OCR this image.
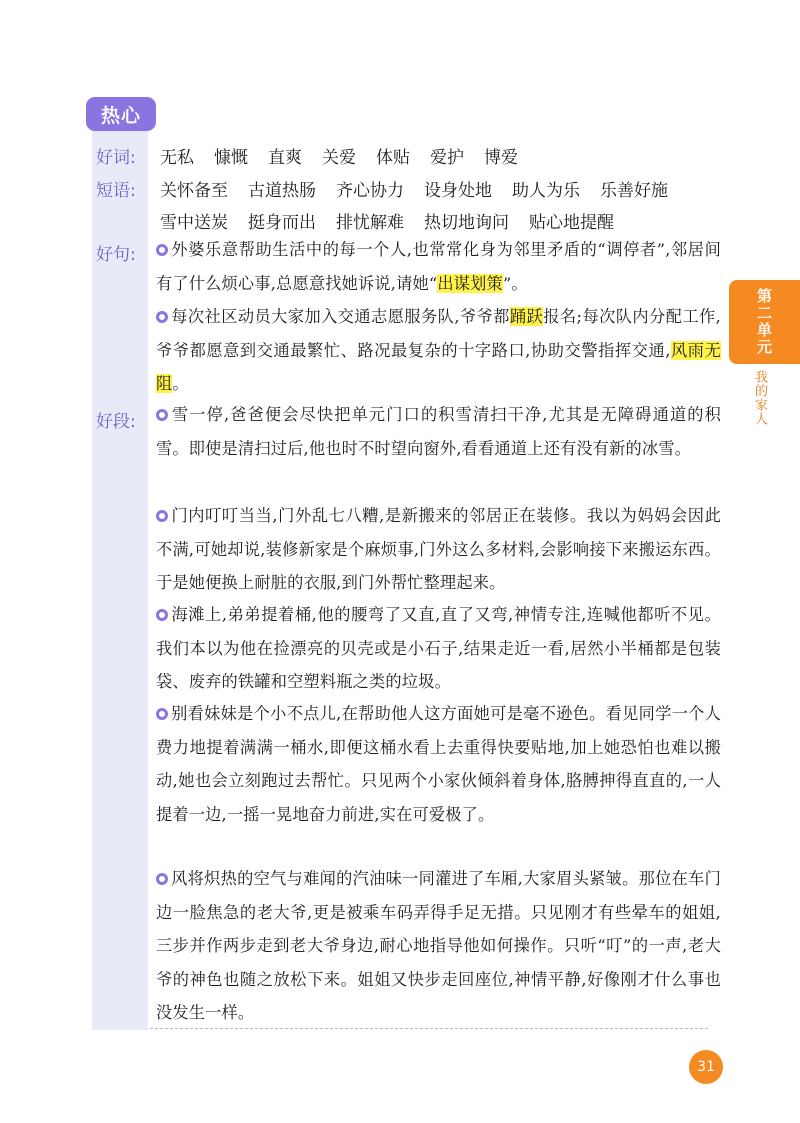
热心
好词:	无私 慷慨 直爽 关爱 体贴 爱护 博爱
短语:	关怀备至 古道热肠 齐心协力 设身处地 助人为乐 乐善好施
雪中送炭 挺身而出 排忧解难 热切地询问 贴心地提醒
好句:	外婆乐意帮助生活中的每一个人,也常常化身为邻里矛盾的“调停者”,邻居间有了什么烦心事,总愿意找她诉说,请她“出谋划策”。
每次社区动员大家加入交通志愿服务队,爷爷都踊跃报名;每次队内分配工作,爷爷都愿意到交通最繁忙、路况最复杂的十字路口,协助交警指挥交通,风雨无阻。
好段:	雪一停,爸爸便会尽快把单元门口的积雪清扫干净,尤其是无障碍通道的积雪。即使是清扫过后,他也时不时望向窗外,看看通道上还有没有新的冰雪。
门内叮叮当当,门外乱七八糟,是新搬来的邻居正在装修。我以为妈妈会因此不满,可她却说,装修新家是个麻烦事,门外这么多材料,会影响接下来搬运东西。于是她便换上耐脏的衣服,到门外帮忙整理起来。
海滩上,弟弟提着桶,他的腰弯了又直,直了又弯,神情专注,连喊他都听不见。我们本以为他在捡漂亮的贝壳或是小石子,结果走近一看,居然小半桶都是包装袋、废弃的铁罐和空塑料瓶之类的垃圾。
别看妹妹是个小不点儿,在帮助他人这方面她可是毫不逊色。看见同学一个人费力地提着满满一桶水,即便这桶水看上去重得快要贴地,加上她恐怕也难以搬动,她也会立刻跑过去帮忙。只见两个小家伙倾斜着身体,胳膊抻得直直的,一人提着一边,一摇一晃地奋力前进,实在可爱极了。
风将炽热的空气与难闻的汽油味一同灌进了车厢,大家眉头紧皱。那位在车门边一脸焦急的老大爷,更是被乘车码弄得手足无措。只见刚才有些晕车的姐姐,三步并作两步走到老大爷身边,耐心地指导他如何操作。只听“叮”的一声,老大爷的神色也随之放松下来。姐姐又快步走回座位,神情平静,好像刚才什么事也没发生一样。
第二单元
我的家人
31
